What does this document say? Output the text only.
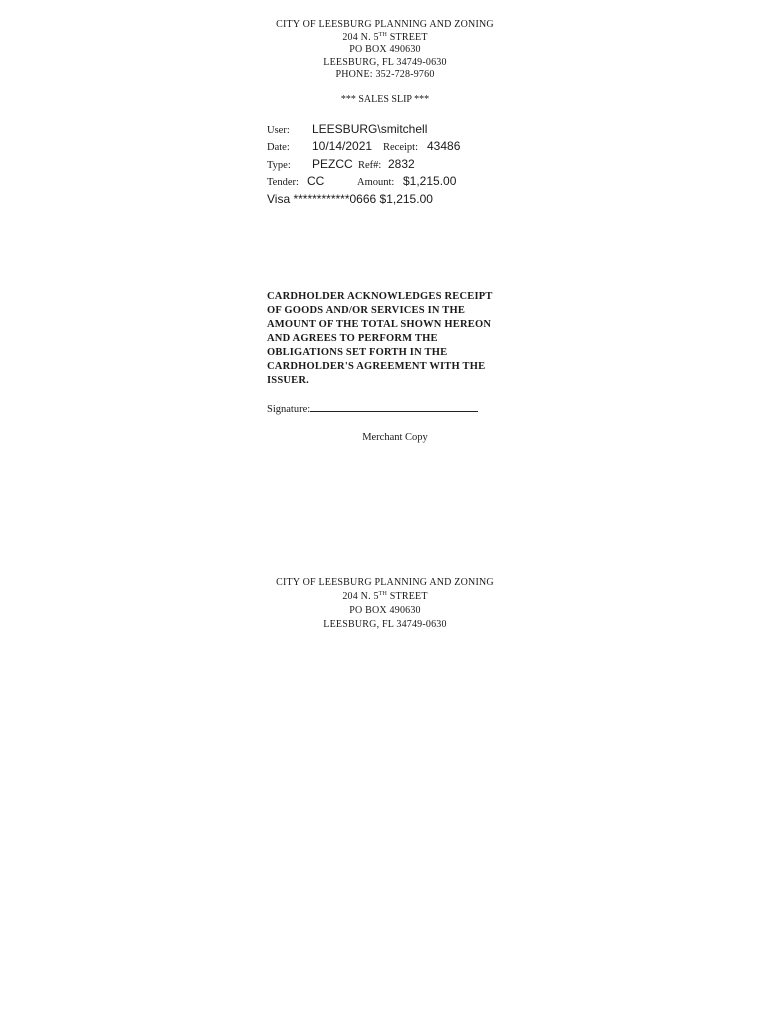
CITY OF LEESBURG PLANNING AND ZONING
204 N. 5TH STREET
PO BOX 490630
LEESBURG, FL 34749-0630
PHONE: 352-728-9760
*** SALES SLIP ***
User: LEESBURG\smitchell
Date: 10/14/2021 Receipt: 43486
Type: PEZCC Ref#: 2832
Tender: CC	Amount: $1,215.00
Visa ************0666 $1,215.00
CARDHOLDER ACKNOWLEDGES RECEIPT
OF GOODS AND/OR SERVICES IN THE
AMOUNT OF THE TOTAL SHOWN HEREON
AND AGREES TO PERFORM THE
OBLIGATIONS SET FORTH IN THE
CARDHOLDER'S AGREEMENT WITH THE
ISSUER.
Signature:
Merchant Copy
CITY OF LEESBURG PLANNING AND ZONING
204 N. 5TH STREET
PO BOX 490630
LEESBURG, FL 34749-0630
